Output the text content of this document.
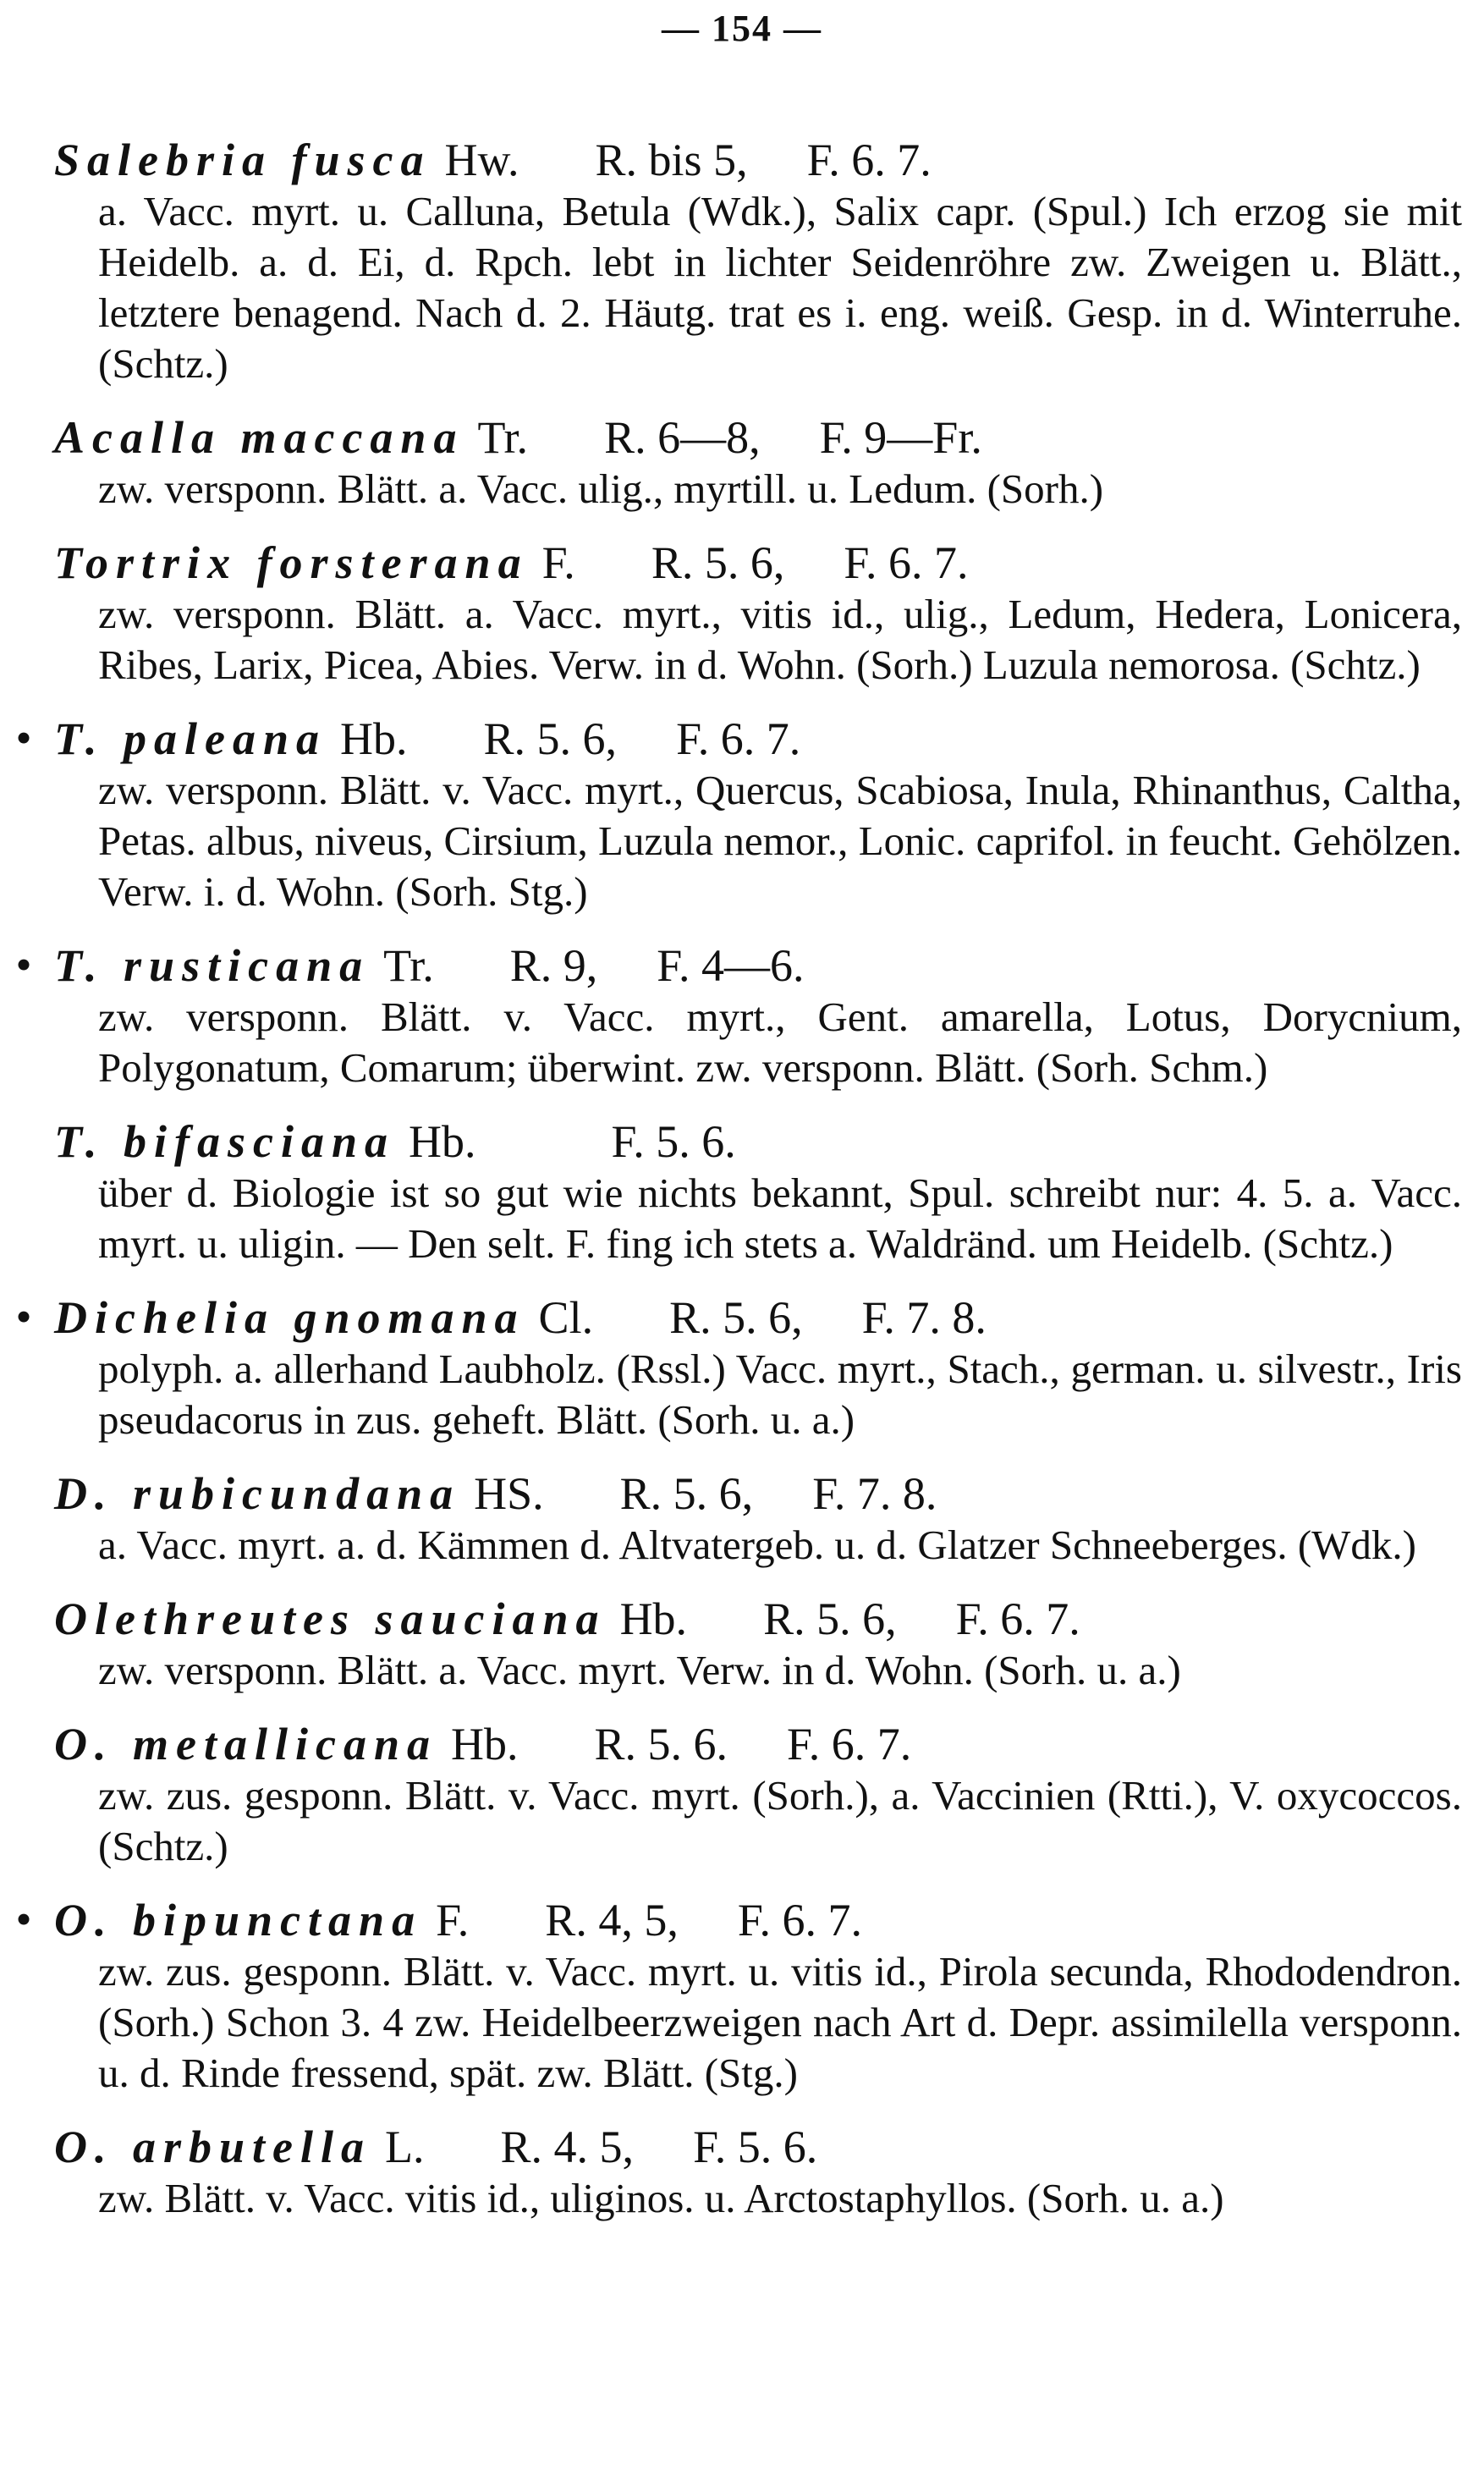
— 154 —
Salebria fusca Hw. R. bis 5, F. 6. 7.
a. Vacc. myrt. u. Calluna, Betula (Wdk.), Salix capr. (Spul.) Ich erzog sie mit Heidelb. a. d. Ei, d. Rpch. lebt in lichter Seidenröhre zw. Zweigen u. Blätt., letztere benagend. Nach d. 2. Häutg. trat es i. eng. weiß. Gesp. in d. Winterruhe. (Schtz.)
Acalla maccana Tr. R. 6—8, F. 9—Fr.
zw. versponn. Blätt. a. Vacc. ulig., myrtill. u. Ledum. (Sorh.)
Tortrix forsterana F. R. 5. 6, F. 6. 7.
zw. versponn. Blätt. a. Vacc. myrt., vitis id., ulig., Ledum, Hedera, Lonicera, Ribes, Larix, Picea, Abies. Verw. in d. Wohn. (Sorh.) Luzula nemorosa. (Schtz.)
• T. paleana Hb. R. 5. 6, F. 6. 7.
zw. versponn. Blätt. v. Vacc. myrt., Quercus, Scabiosa, Inula, Rhinanthus, Caltha, Petas. albus, niveus, Cirsium, Luzula nemor., Lonic. caprifol. in feucht. Gehölzen. Verw. i. d. Wohn. (Sorh. Stg.)
• T. rusticana Tr. R. 9, F. 4—6.
zw. versponn. Blätt. v. Vacc. myrt., Gent. amarella, Lotus, Dorycnium, Polygonatum, Comarum; überwint. zw. versponn. Blätt. (Sorh. Schm.)
T. bifasciana Hb.	F. 5. 6.
über d. Biologie ist so gut wie nichts bekannt, Spul. schreibt nur: 4. 5. a. Vacc. myrt. u. uligin. — Den selt. F. fing ich stets a. Waldränd. um Heidelb. (Schtz.)
• Dichelia gnomana Cl. R. 5. 6, F. 7. 8.
polyph. a. allerhand Laubholz. (Rssl.) Vacc. myrt., Stach., german. u. silvestr., Iris pseudacorus in zus. geheft. Blätt. (Sorh. u. a.)
D. rubicundana HS. R. 5. 6, F. 7. 8.
a. Vacc. myrt. a. d. Kämmen d. Altvatergeb. u. d. Glatzer Schneeberges. (Wdk.)
Olethreutes sauciana Hb. R. 5. 6, F. 6. 7.
zw. versponn. Blätt. a. Vacc. myrt. Verw. in d. Wohn. (Sorh. u. a.)
O. metallicana Hb. R. 5. 6. F. 6. 7.
zw. zus. gesponn. Blätt. v. Vacc. myrt. (Sorh.), a. Vaccinien (Rtti.), V. oxycoccos. (Schtz.)
• O. bipunctana F. R. 4, 5, F. 6. 7.
zw. zus. gesponn. Blätt. v. Vacc. myrt. u. vitis id., Pirola secunda, Rhododendron. (Sorh.) Schon 3. 4 zw. Heidelbeerzweigen nach Art d. Depr. assimilella versponn. u. d. Rinde fressend, spät. zw. Blätt. (Stg.)
O. arbutella L. R. 4. 5, F. 5. 6.
zw. Blätt. v. Vacc. vitis id., uliginos. u. Arctostaphyllos. (Sorh. u. a.)
